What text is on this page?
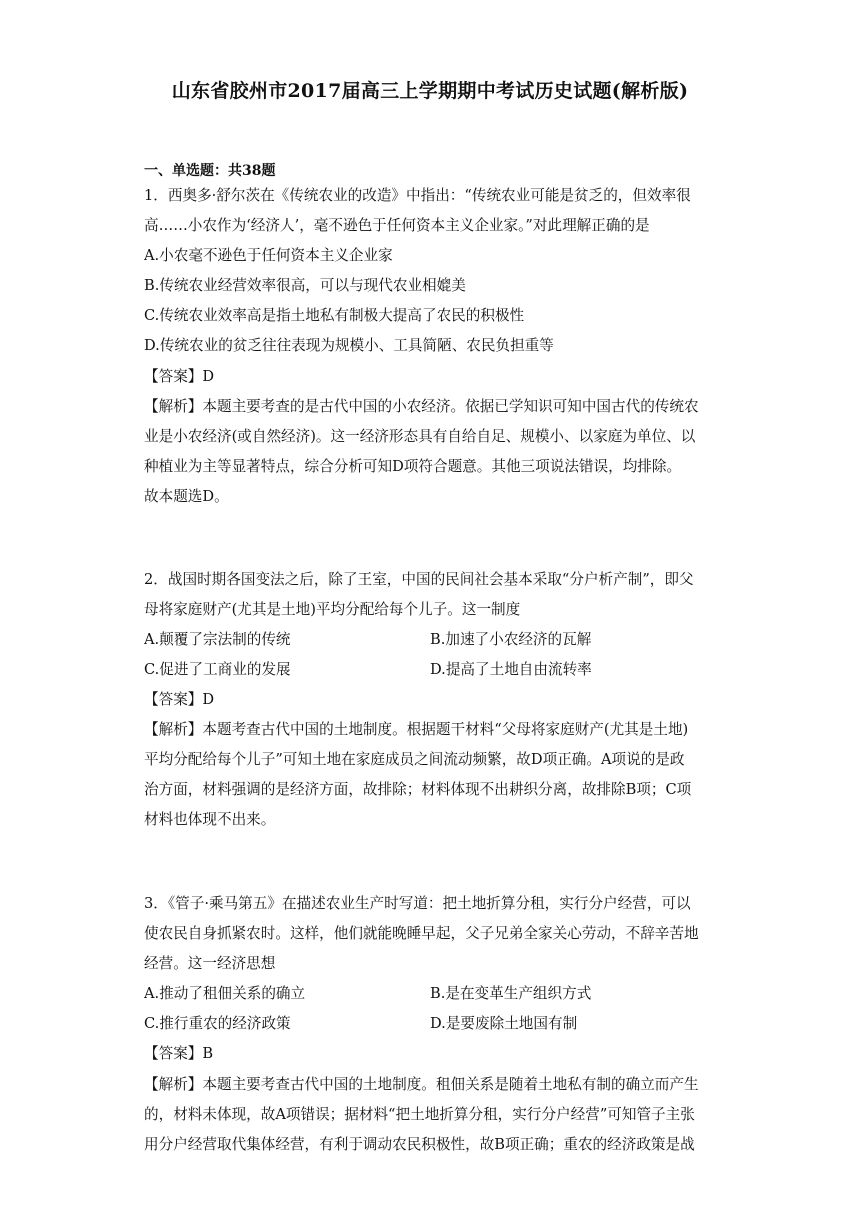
山东省胶州市2017届高三上学期期中考试历史试题(解析版)
一、单选题：共38题
1．西奥多·舒尔茨在《传统农业的改造》中指出：“传统农业可能是贫乏的，但效率很
高……小农作为‘经济人’，毫不逊色于任何资本主义企业家。”对此理解正确的是
A.小农毫不逊色于任何资本主义企业家
B.传统农业经营效率很高，可以与现代农业相媲美
C.传统农业效率高是指土地私有制极大提高了农民的积极性
D.传统农业的贫乏往往表现为规模小、工具简陋、农民负担重等
【答案】D
【解析】本题主要考查的是古代中国的小农经济。依据已学知识可知中国古代的传统农
业是小农经济(或自然经济)。这一经济形态具有自给自足、规模小、以家庭为单位、以
种植业为主等显著特点，综合分析可知D项符合题意。其他三项说法错误，均排除。
故本题选D。
2．战国时期各国变法之后，除了王室，中国的民间社会基本采取“分户析产制”，即父
母将家庭财产(尤其是土地)平均分配给每个儿子。这一制度
A.颠覆了宗法制的传统	B.加速了小农经济的瓦解
C.促进了工商业的发展	D.提高了土地自由流转率
【答案】D
【解析】本题考查古代中国的土地制度。根据题干材料“父母将家庭财产(尤其是土地)
平均分配给每个儿子”可知土地在家庭成员之间流动频繁，故D项正确。A项说的是政
治方面，材料强调的是经济方面，故排除；材料体现不出耕织分离，故排除B项；C项
材料也体现不出来。
3．《管子·乘马第五》在描述农业生产时写道：把土地折算分租，实行分户经营，可以
使农民自身抓紧农时。这样，他们就能晚睡早起，父子兄弟全家关心劳动，不辞辛苦地
经营。这一经济思想
A.推动了租佃关系的确立	B.是在变革生产组织方式
C.推行重农的经济政策	D.是要废除土地国有制
【答案】B
【解析】本题主要考查古代中国的土地制度。租佃关系是随着土地私有制的确立而产生
的，材料未体现，故A项错误；据材料“把土地折算分租，实行分户经营”可知管子主张
用分户经营取代集体经营，有利于调动农民积极性，故B项正确；重农的经济政策是战
